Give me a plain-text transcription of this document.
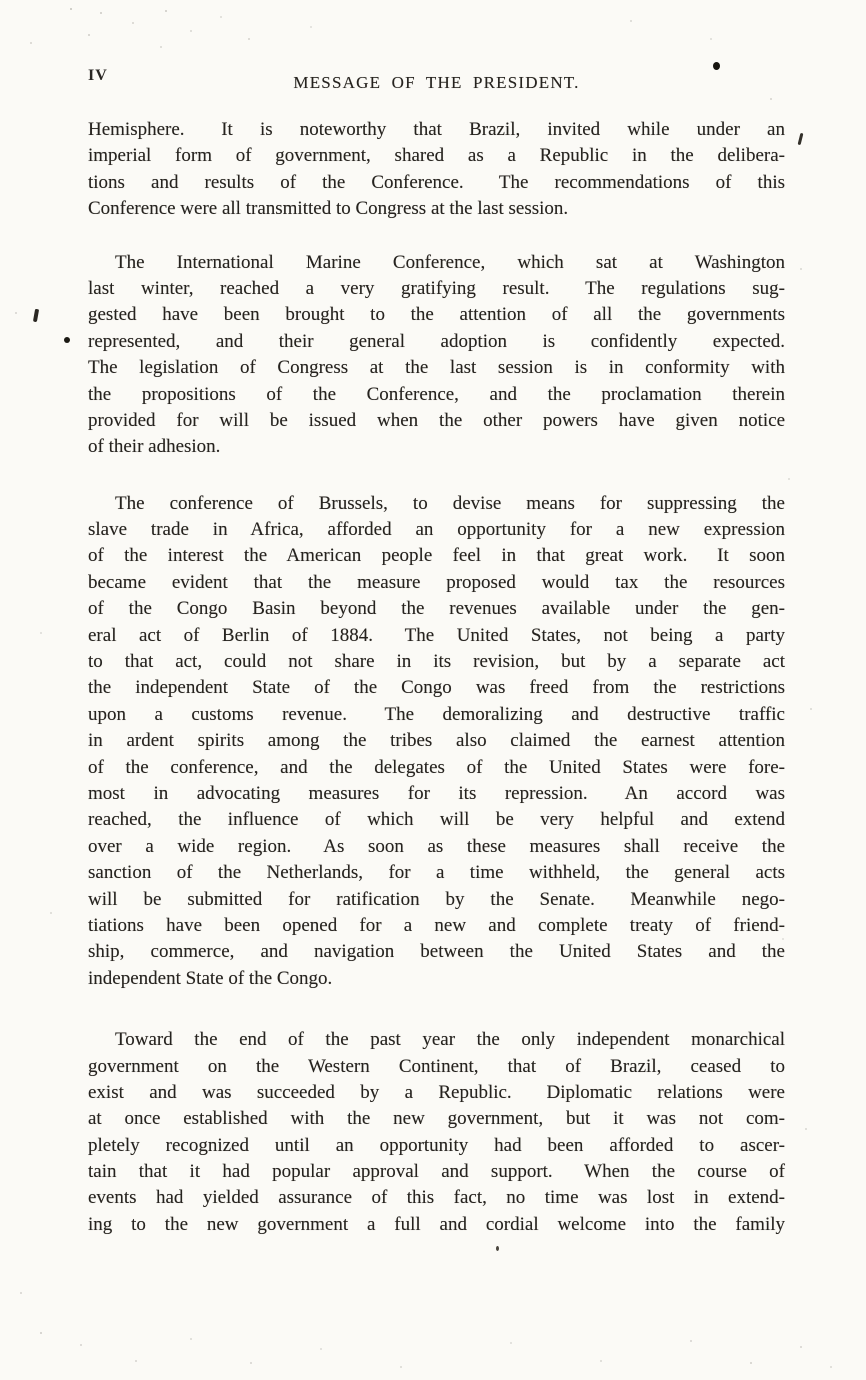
IV	MESSAGE OF THE PRESIDENT.
Hemisphere.  It is noteworthy that Brazil, invited while under an
imperial form of government, shared as a Republic in the delibera-
tions and results of the Conference.  The recommendations of this
Conference were all transmitted to Congress at the last session.
The International Marine Conference, which sat at Washington
last winter, reached a very gratifying result.  The regulations sug-
gested have been brought to the attention of all the governments
represented, and their general adoption is confidently expected.
The legislation of Congress at the last session is in conformity with
the propositions of the Conference, and the proclamation therein
provided for will be issued when the other powers have given notice
of their adhesion.
The conference of Brussels, to devise means for suppressing the
slave trade in Africa, afforded an opportunity for a new expression
of the interest the American people feel in that great work.  It soon
became evident that the measure proposed would tax the resources
of the Congo Basin beyond the revenues available under the gen-
eral act of Berlin of 1884.  The United States, not being a party
to that act, could not share in its revision, but by a separate act
the independent State of the Congo was freed from the restrictions
upon a customs revenue.  The demoralizing and destructive traffic
in ardent spirits among the tribes also claimed the earnest attention
of the conference, and the delegates of the United States were fore-
most in advocating measures for its repression.  An accord was
reached, the influence of which will be very helpful and extend
over a wide region.  As soon as these measures shall receive the
sanction of the Netherlands, for a time withheld, the general acts
will be submitted for ratification by the Senate.  Meanwhile nego-
tiations have been opened for a new and complete treaty of friend-
ship, commerce, and navigation between the United States and the
independent State of the Congo.
Toward the end of the past year the only independent monarchical
government on the Western Continent, that of Brazil, ceased to
exist and was succeeded by a Republic.  Diplomatic relations were
at once established with the new government, but it was not com-
pletely recognized until an opportunity had been afforded to ascer-
tain that it had popular approval and support.  When the course of
events had yielded assurance of this fact, no time was lost in extend-
ing to the new government a full and cordial welcome into the family
